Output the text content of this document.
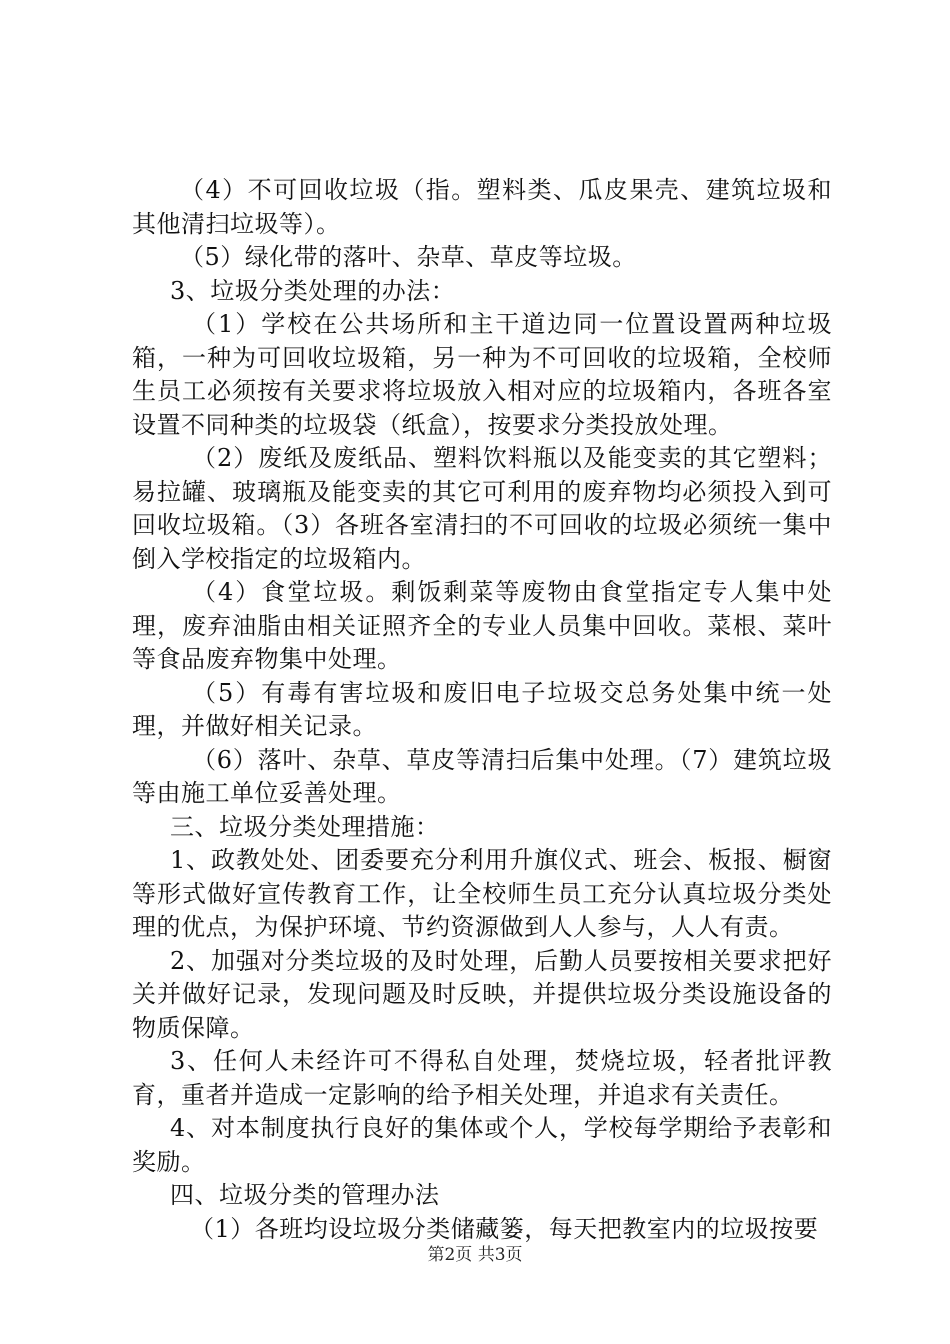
（4）不可回收垃圾（指。塑料类、瓜皮果壳、建筑垃圾和其他清扫垃圾等）。

（5）绿化带的落叶、杂草、草皮等垃圾。

3、垃圾分类处理的办法：

（1）学校在公共场所和主干道边同一位置设置两种垃圾箱，一种为可回收垃圾箱，另一种为不可回收的垃圾箱，全校师生员工必须按有关要求将垃圾放入相对应的垃圾箱内，各班各室设置不同种类的垃圾袋（纸盒），按要求分类投放处理。

（2）废纸及废纸品、塑料饮料瓶以及能变卖的其它塑料；易拉罐、玻璃瓶及能变卖的其它可利用的废弃物均必须投入到可回收垃圾箱。（3）各班各室清扫的不可回收的垃圾必须统一集中倒入学校指定的垃圾箱内。

（4）食堂垃圾。剩饭剩菜等废物由食堂指定专人集中处理，废弃油脂由相关证照齐全的专业人员集中回收。菜根、菜叶等食品废弃物集中处理。

（5）有毒有害垃圾和废旧电子垃圾交总务处集中统一处理，并做好相关记录。

（6）落叶、杂草、草皮等清扫后集中处理。（7）建筑垃圾等由施工单位妥善处理。

三、垃圾分类处理措施：

1、政教处处、团委要充分利用升旗仪式、班会、板报、橱窗等形式做好宣传教育工作，让全校师生员工充分认真垃圾分类处理的优点，为保护环境、节约资源做到人人参与，人人有责。

2、加强对分类垃圾的及时处理，后勤人员要按相关要求把好关并做好记录，发现问题及时反映，并提供垃圾分类设施设备的物质保障。

3、任何人未经许可不得私自处理，焚烧垃圾，轻者批评教育，重者并造成一定影响的给予相关处理，并追求有关责任。

4、对本制度执行良好的集体或个人，学校每学期给予表彰和奖励。

四、垃圾分类的管理办法

（1）各班均设垃圾分类储藏篓，每天把教室内的垃圾按要

第2页 共3页
